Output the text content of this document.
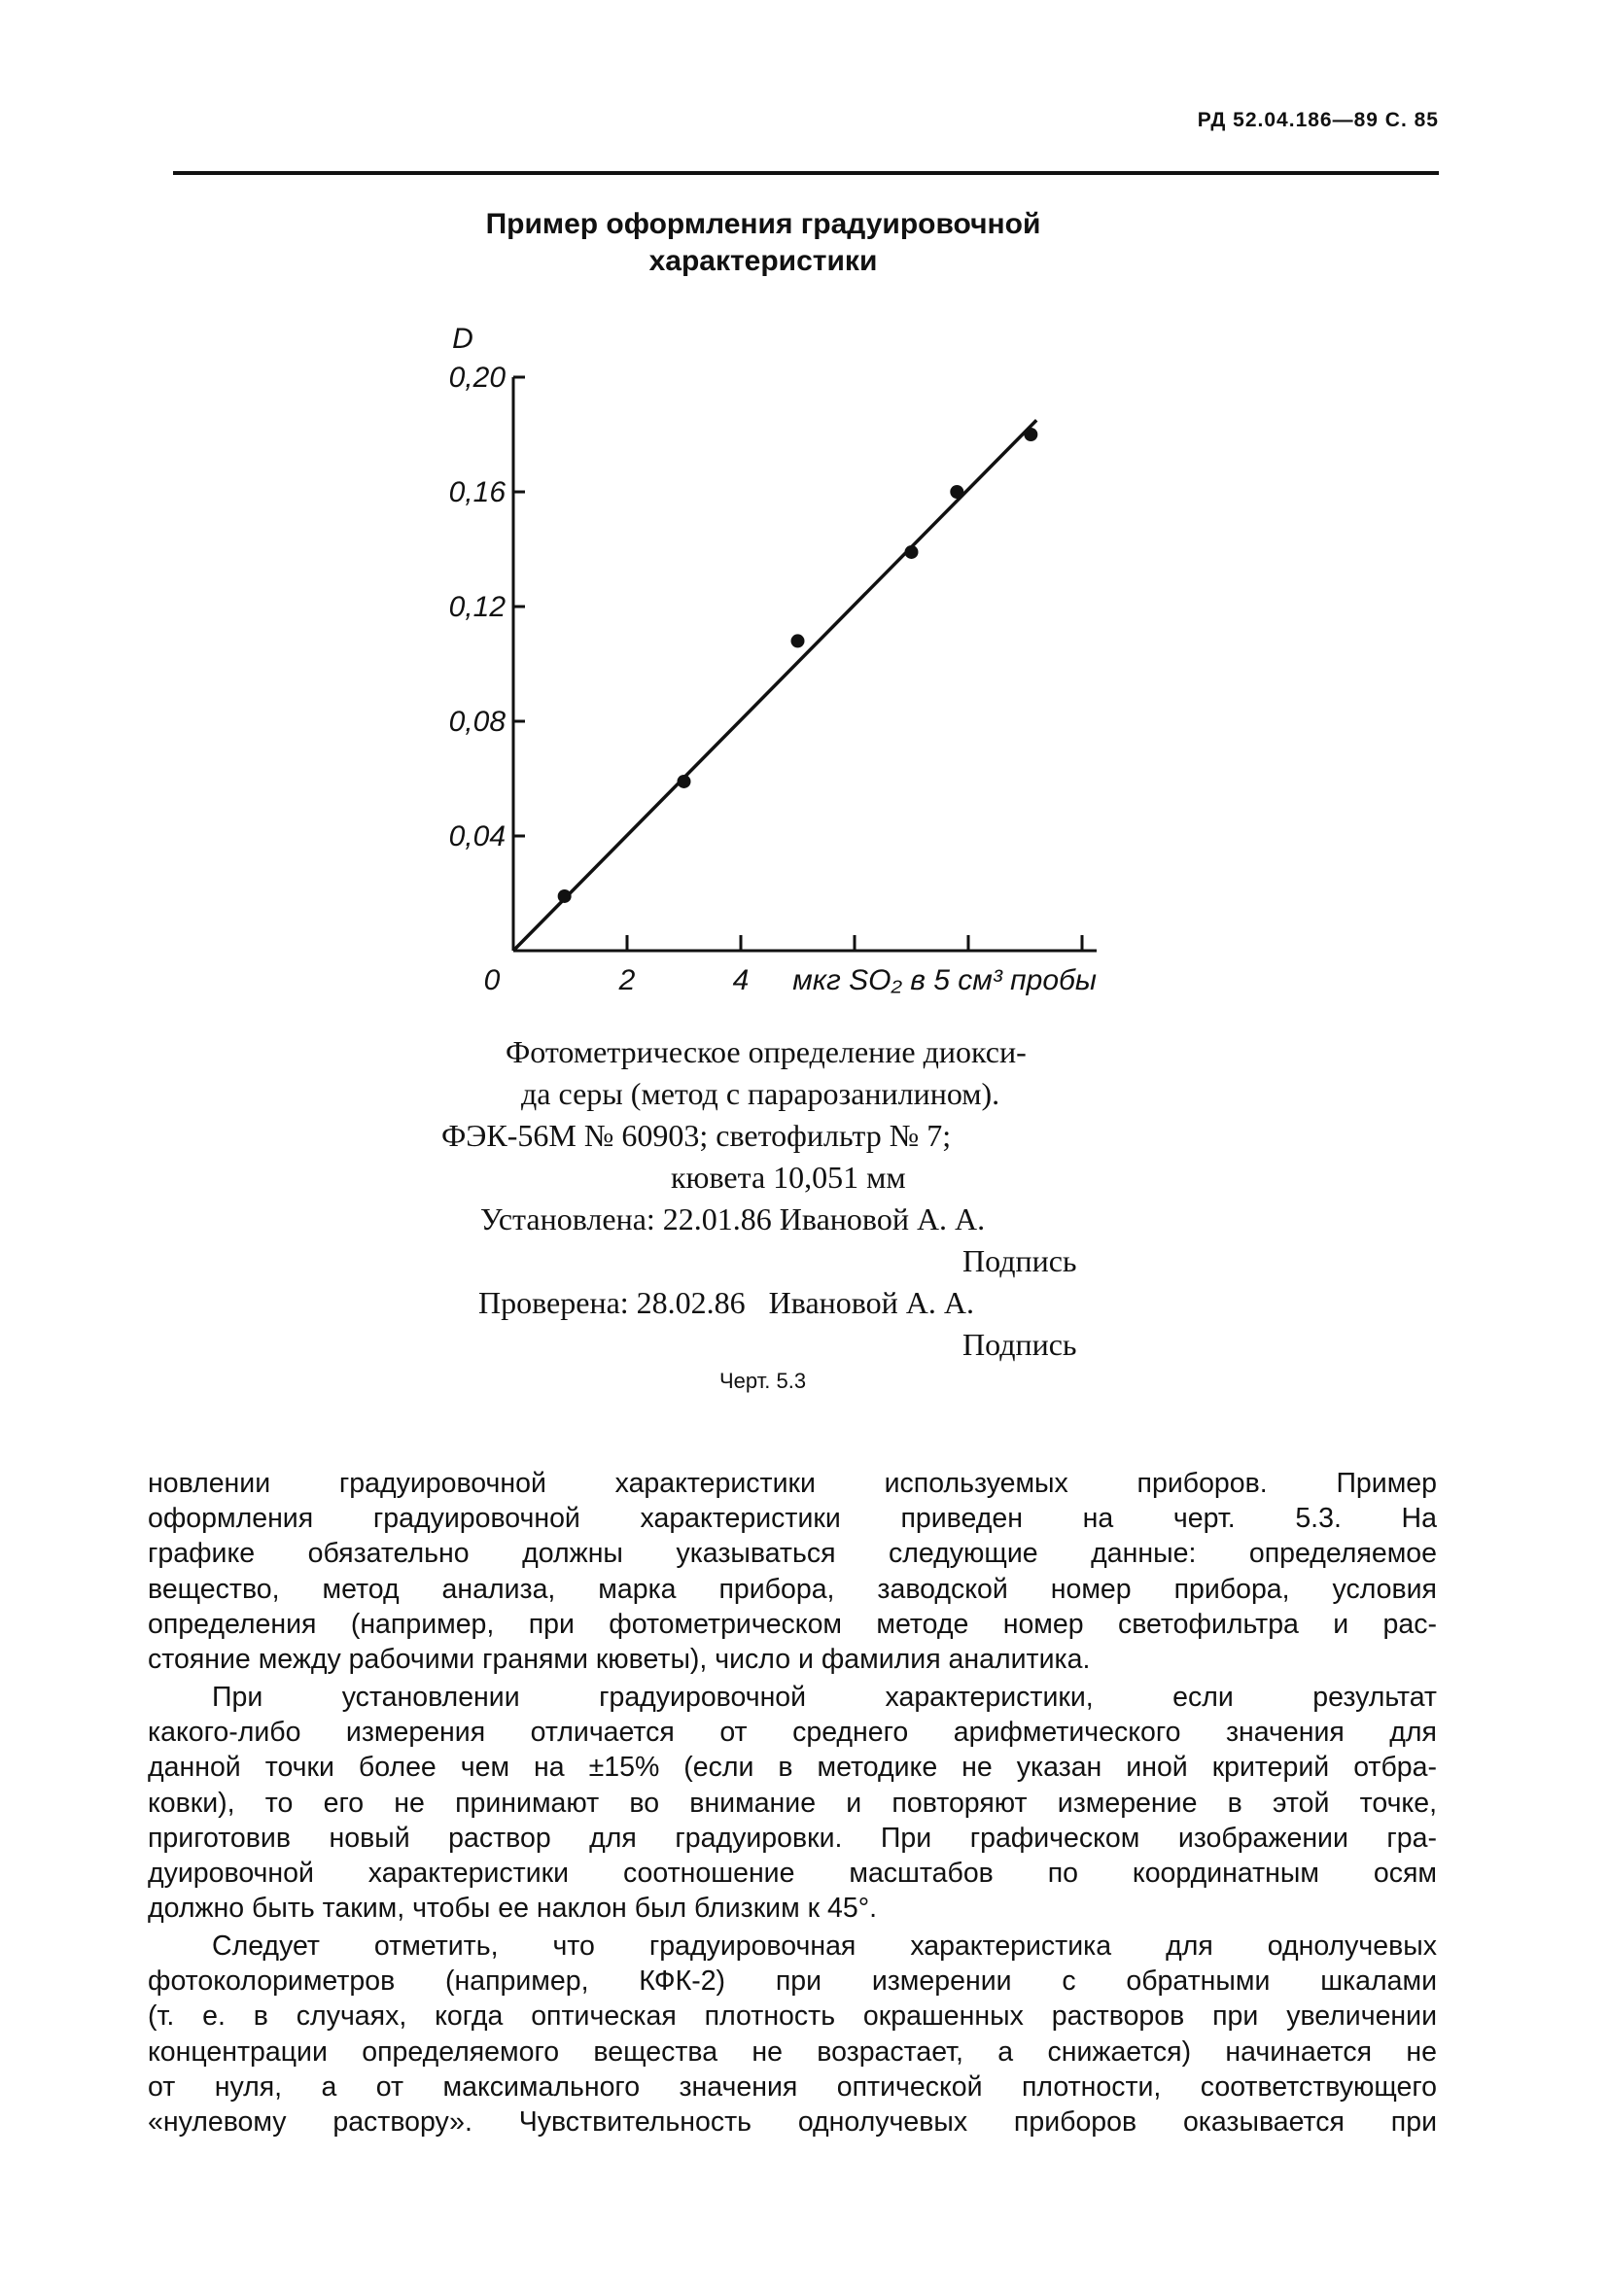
РД 52.04.186—89 С. 85
Пример оформления градуировочной
характеристики
0,20
0,16
0,12
0,08
0,04
0	2	4 мкг SO₂ в 5 см³ пробы
D
Фотометрическое определение диокси-
да серы (метод с парарозанилином).
ФЭК-56М № 60903; светофильтр № 7;
кювета 10,051 мм
Установлена: 22.01.86 Ивановой А. А.
Подпись
Проверена: 28.02.86   Ивановой А. А.
Подпись
Черт. 5.3

новлении градуировочной характеристики используемых приборов. Пример

оформления градуировочной характеристики приведен на черт. 5.3. На

графике обязательно должны указываться следующие данные: определяемое

вещество, метод анализа, марка прибора, заводской номер прибора, условия

определения (например, при фотометрическом методе номер светофильтра и рас-

стояние между рабочими гранями кюветы), число и фамилия аналитика.

При установлении градуировочной характеристики, если результат

какого-либо измерения отличается от среднего арифметического значения для

данной точки более чем на ±15% (если в методике не указан иной критерий отбра-

ковки), то его не принимают во внимание и повторяют измерение в этой точке,

приготовив новый раствор для градуировки. При графическом изображении гра-

дуировочной характеристики соотношение масштабов по координатным осям

должно быть таким, чтобы ее наклон был близким к 45°.

Следует отметить, что градуировочная характеристика для однолучевых

фотоколориметров (например, КФК-2) при измерении с обратными шкалами

(т. е. в случаях, когда оптическая плотность окрашенных растворов при увеличении

концентрации определяемого вещества не возрастает, а снижается) начинается не

от нуля, а от максимального значения оптической плотности, соответствующего

«нулевому раствору». Чувствительность однолучевых приборов оказывается при
